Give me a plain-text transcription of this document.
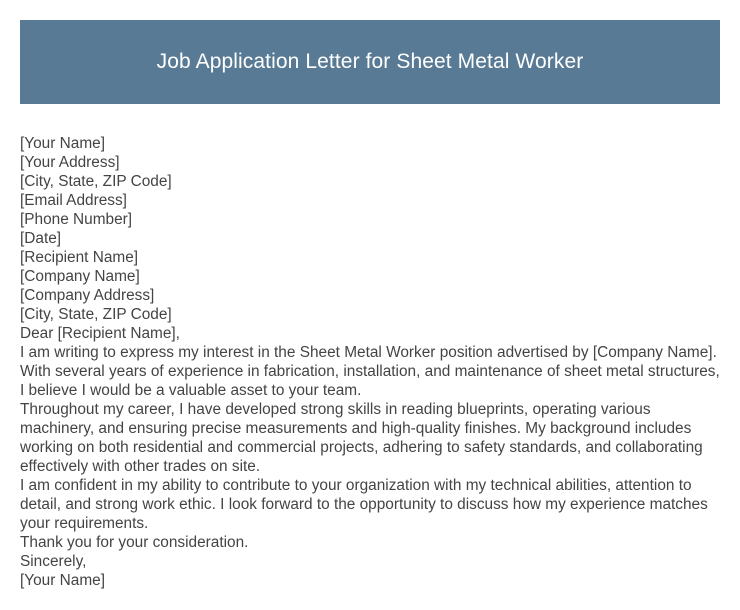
Job Application Letter for Sheet Metal Worker

[Your Name]

[Your Address]

[City, State, ZIP Code]

[Email Address]

[Phone Number]

[Date]

[Recipient Name]

[Company Name]

[Company Address]

[City, State, ZIP Code]

Dear [Recipient Name],

I am writing to express my interest in the Sheet Metal Worker position advertised by [Company Name]. With several years of experience in fabrication, installation, and maintenance of sheet metal structures, I believe I would be a valuable asset to your team.

Throughout my career, I have developed strong skills in reading blueprints, operating various machinery, and ensuring precise measurements and high-quality finishes. My background includes working on both residential and commercial projects, adhering to safety standards, and collaborating effectively with other trades on site.

I am confident in my ability to contribute to your organization with my technical abilities, attention to detail, and strong work ethic. I look forward to the opportunity to discuss how my experience matches your requirements.

Thank you for your consideration.

Sincerely,

[Your Name]
